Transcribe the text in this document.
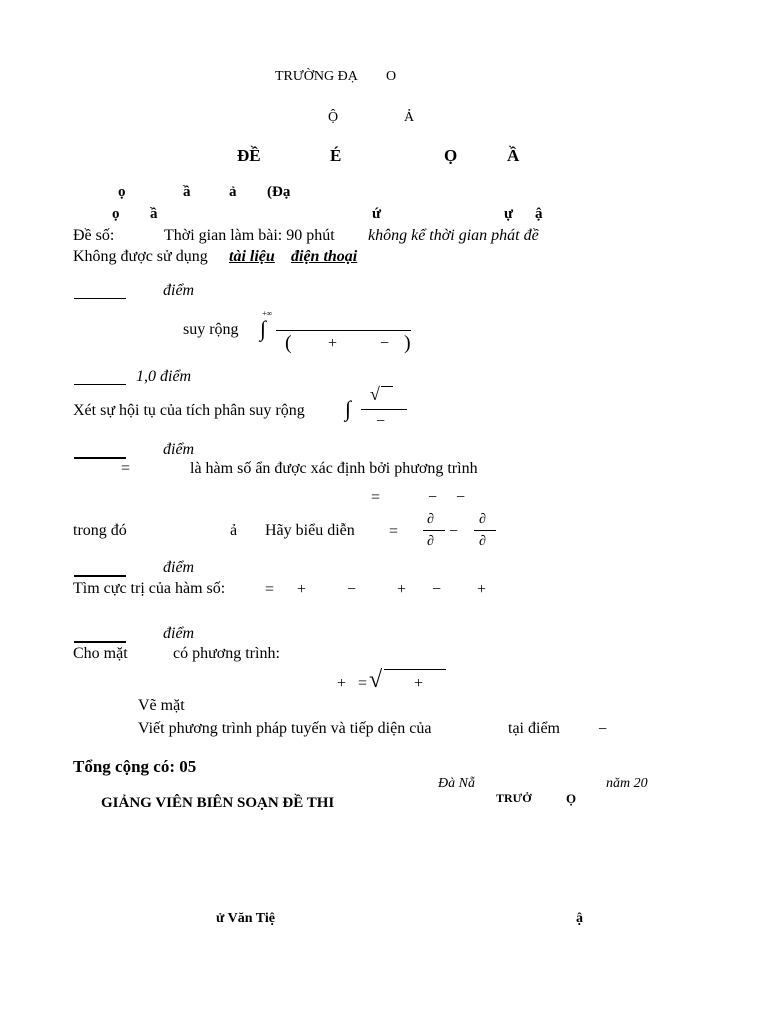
TRƯỜNG ĐẠ O
Ộ	Ả
ĐỀ	É	Ọ	Ầ
ọ	ầ	ả (Đạ
ọ ầ	ứ	ự ậ
Đề số:	Thời gian làm bài: 90 phút không kể thời gian phát đề
Không được sử dụng tài liệu điện thoại
điểm
suy rộng
+∞
∫
( +	− )
1,0 điểm
Xét sự hội tụ của tích phân suy rộng ∫
√
−
điểm
=	là hàm số ẩn được xác định bởi phương trình
=	− −
trong đó	ả Hãy biểu diễn =
∂
∂
−
∂
∂
điểm
Tìm cực trị của hàm số: = +	−	+ − +
điểm
Cho mặt	có phương trình:
+ = √ +
Vẽ mặt
Viết phương trình pháp tuyến và tiếp diện của	tại điểm −
Tổng cộng có: 05
Đà Nẵ	năm 20
GIẢNG VIÊN BIÊN SOẠN ĐỀ THI	TRƯỞ	Ọ
ử Văn Tiệ	ậ
